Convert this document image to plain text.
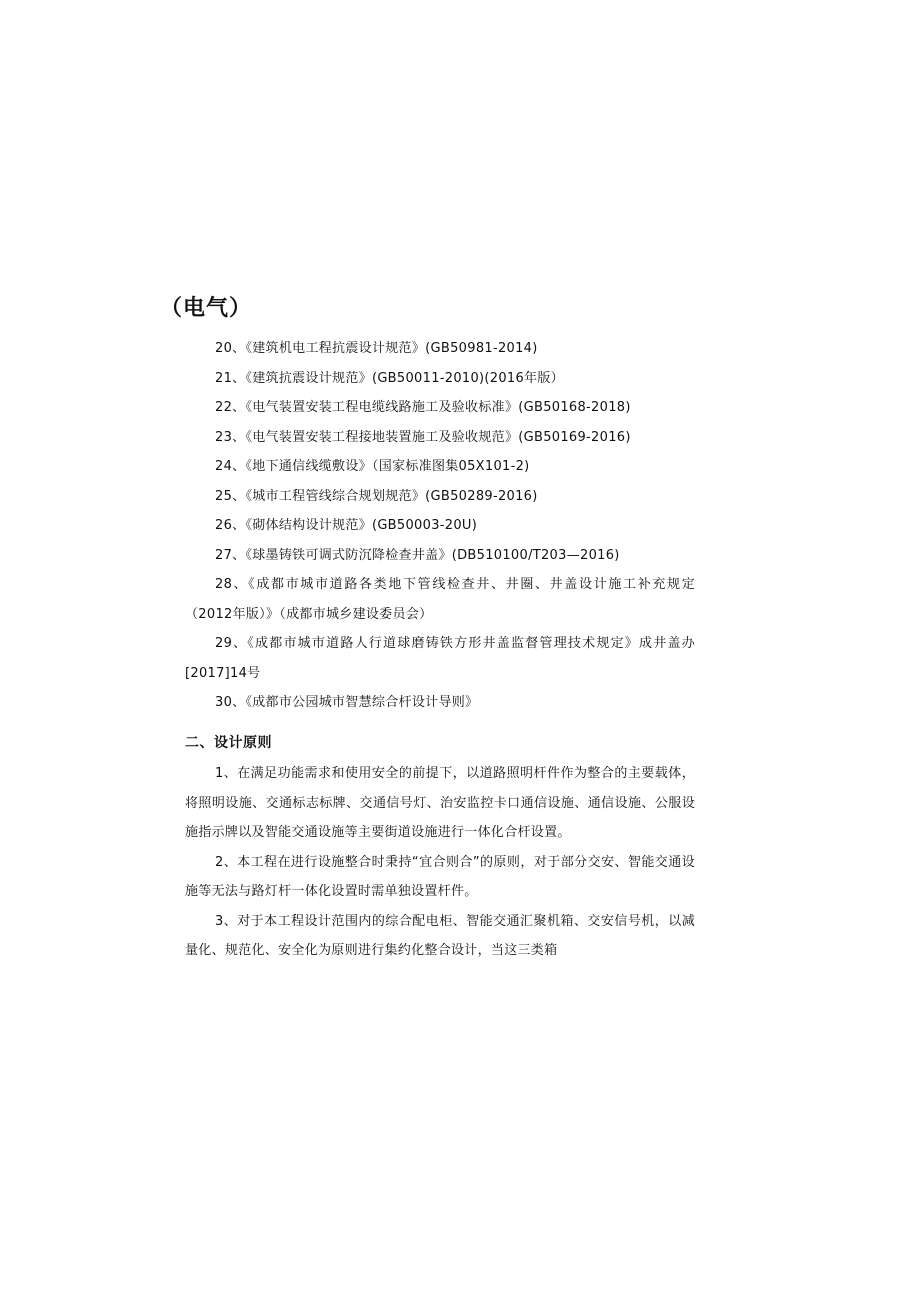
（电气）
20、《建筑机电工程抗震设计规范》(GB50981-2014)
21、《建筑抗震设计规范》(GB50011-2010)(2016年版）
22、《电气装置安装工程电缆线路施工及验收标准》(GB50168-2018)
23、《电气装置安装工程接地装置施工及验收规范》(GB50169-2016)
24、《地下通信线缆敷设》（国家标准图集05X101-2)
25、《城市工程管线综合规划规范》(GB50289-2016)
26、《砌体结构设计规范》(GB50003-20U)
27、《球墨铸铁可调式防沉降检查井盖》(DB510100/T203—2016)
28、《成都市城市道路各类地下管线检查井、井圈、井盖设计施工补充规定（2012年版）》（成都市城乡建设委员会）
29、《成都市城市道路人行道球磨铸铁方形井盖监督管理技术规定》成井盖办[2017]14号
30、《成都市公园城市智慧综合杆设计导则》
二、设计原则

1、在满足功能需求和使用安全的前提下，以道路照明杆件作为整合的主要载体，将照明设施、交通标志标牌、交通信号灯、治安监控卡口通信设施、通信设施、公服设施指示牌以及智能交通设施等主要街道设施进行一体化合杆设置。

2、本工程在进行设施整合时秉持“宜合则合”的原则，对于部分交安、智能交通设施等无法与路灯杆一体化设置时需单独设置杆件。

3、对于本工程设计范围内的综合配电柜、智能交通汇聚机箱、交安信号机，以减量化、规范化、安全化为原则进行集约化整合设计，当这三类箱
